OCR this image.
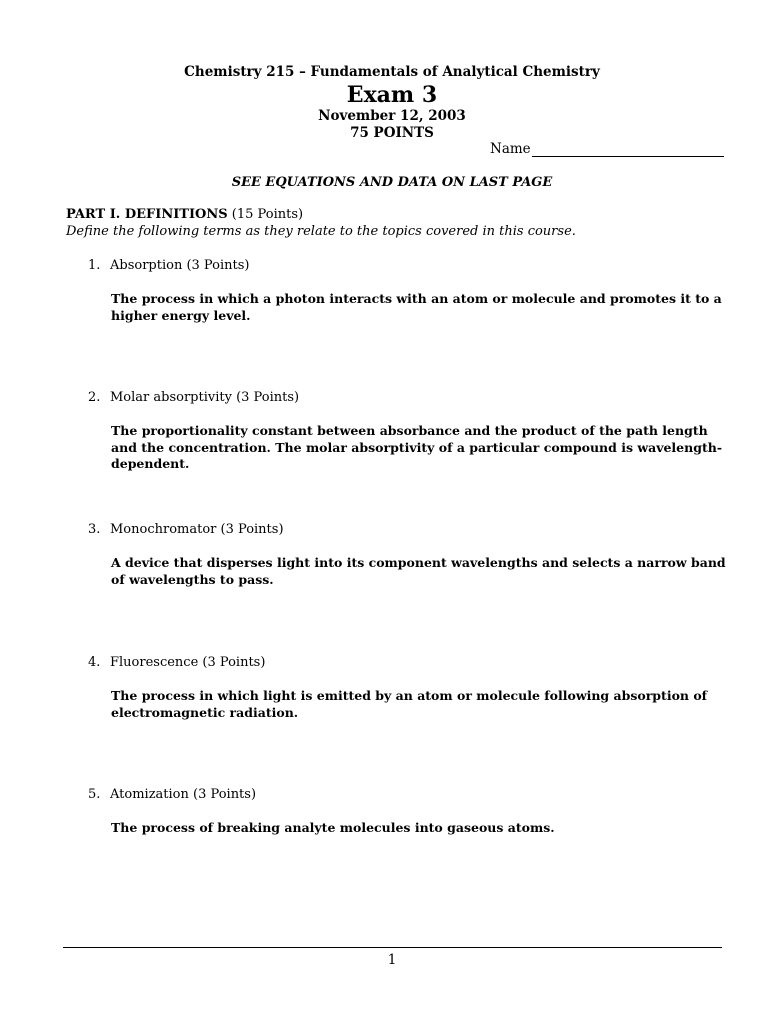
Chemistry 215 – Fundamentals of Analytical Chemistry
Exam 3
November 12, 2003
75 POINTS
Name
SEE EQUATIONS AND DATA ON LAST PAGE
PART I. DEFINITIONS (15 Points)
Define the following terms as they relate to the topics covered in this course.
1. Absorption (3 Points)
The process in which a photon interacts with an atom or molecule and promotes it to a higher energy level.
2. Molar absorptivity (3 Points)
The proportionality constant between absorbance and the product of the path length and the concentration. The molar absorptivity of a particular compound is wavelength-dependent.
3. Monochromator (3 Points)
A device that disperses light into its component wavelengths and selects a narrow band of wavelengths to pass.
4. Fluorescence (3 Points)
The process in which light is emitted by an atom or molecule following absorption of electromagnetic radiation.
5. Atomization (3 Points)
The process of breaking analyte molecules into gaseous atoms.
1
